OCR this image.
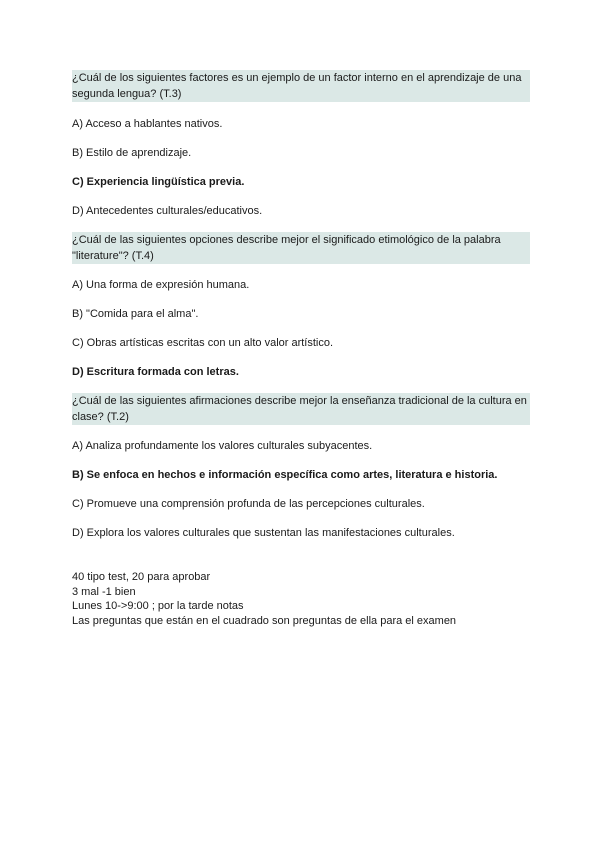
¿Cuál de los siguientes factores es un ejemplo de un factor interno en el aprendizaje de una segunda lengua? (T.3)
A) Acceso a hablantes nativos.
B) Estilo de aprendizaje.
C) Experiencia lingüística previa.
D) Antecedentes culturales/educativos.
¿Cuál de las siguientes opciones describe mejor el significado etimológico de la palabra "literature"? (T.4)
A) Una forma de expresión humana.
B) "Comida para el alma".
C) Obras artísticas escritas con un alto valor artístico.
D) Escritura formada con letras.
¿Cuál de las siguientes afirmaciones describe mejor la enseñanza tradicional de la cultura en clase? (T.2)
A) Analiza profundamente los valores culturales subyacentes.
B) Se enfoca en hechos e información específica como artes, literatura e historia.
C) Promueve una comprensión profunda de las percepciones culturales.
D) Explora los valores culturales que sustentan las manifestaciones culturales.
40 tipo test, 20 para aprobar
3 mal -1 bien
Lunes 10->9:00 ; por la tarde notas
Las preguntas que están en el cuadrado son preguntas de ella para el examen
